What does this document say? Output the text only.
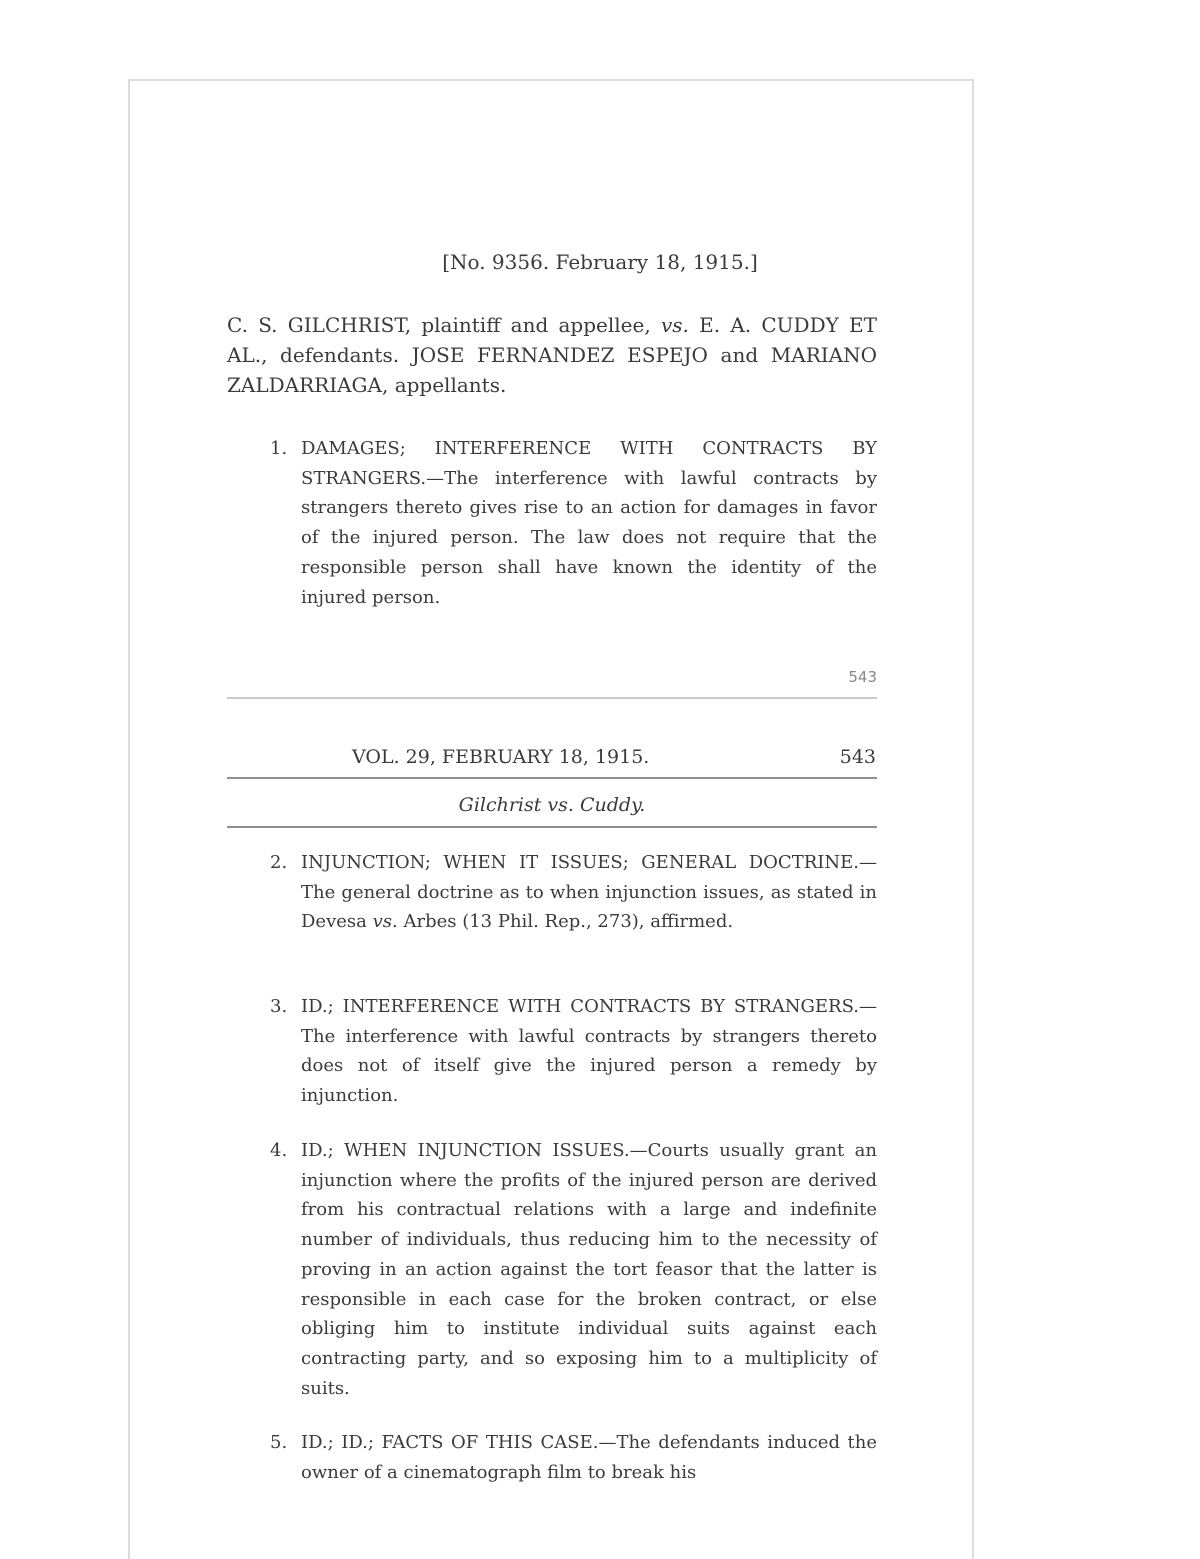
[No. 9356. February 18, 1915.]
C. S. GILCHRIST, plaintiff and appellee, vs. E. A. CUDDY ET AL., defendants. JOSE FERNANDEZ ESPEJO and MARIANO ZALDARRIAGA, appellants.
1. DAMAGES; INTERFERENCE WITH CONTRACTS BY STRANGERS.—The interference with lawful contracts by strangers thereto gives rise to an action for damages in favor of the injured person. The law does not require that the responsible person shall have known the identity of the injured person.
543
VOL. 29, FEBRUARY 18, 1915.	543
Gilchrist vs. Cuddy.
2. INJUNCTION; WHEN IT ISSUES; GENERAL DOCTRINE.—The general doctrine as to when injunction issues, as stated in Devesa vs. Arbes (13 Phil. Rep., 273), affirmed.
3. ID.; INTERFERENCE WITH CONTRACTS BY STRANGERS.—The interference with lawful contracts by strangers thereto does not of itself give the injured person a remedy by injunction.
4. ID.; WHEN INJUNCTION ISSUES.—Courts usually grant an injunction where the profits of the injured person are derived from his contractual relations with a large and indefinite number of individuals, thus reducing him to the necessity of proving in an action against the tort feasor that the latter is responsible in each case for the broken contract, or else obliging him to institute individual suits against each contracting party, and so exposing him to a multiplicity of suits.
5. ID.; ID.; FACTS OF THIS CASE.—The defendants induced the owner of a cinematograph film to break his
